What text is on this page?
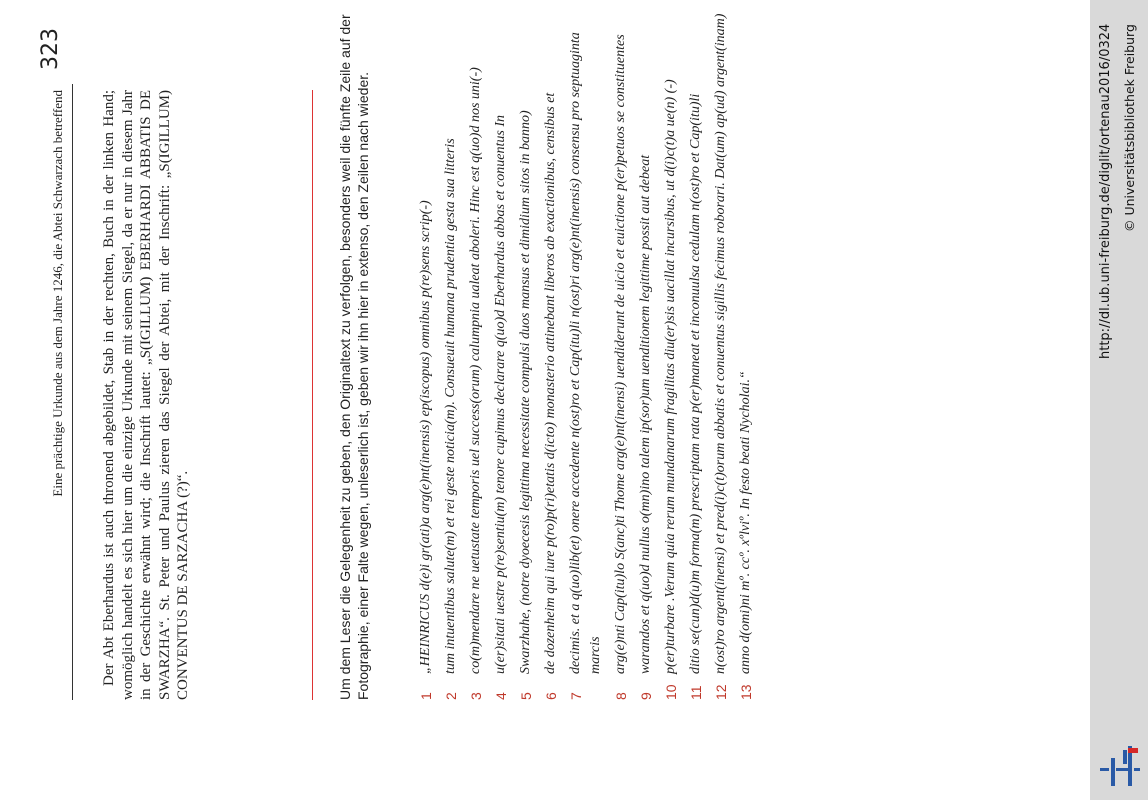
Eine prächtige Urkunde aus dem Jahre 1246, die Abtei Schwarzach betreffend
323
Der Abt Eberhardus ist auch thronend abgebildet, Stab in der rechten, Buch in der linken Hand; womöglich handelt es sich hier um die einzige Urkunde mit seinem Siegel, da er nur in diesem Jahr in der Geschichte erwähnt wird; die Inschrift lautet: „S(IGILLUM) EBERHARDI ABBATIS DE SWARZHA“. St. Peter und Paulus zieren das Siegel der Abtei, mit der Inschrift: „S(IGILLUM) CONVENTUS DE SARZACHA (?)“.	Um dem Leser die Gelegenheit zu geben, den Originaltext zu verfolgen, besonders weil die fünfte Zeile auf der Fotographie, einer Falte wegen, unleserlich ist, geben wir ihn hier in extenso, den Zeilen nach wieder.	1
„HEINRICUS d(e)i gr(ati)a arg(e)nt(inensis) ep(iscopus) omnibus p(re)sens scrip(-)
2
tum intuentibus salute(m) et rei geste noticia(m). Consueuit humana prudentia gesta sua litteris
3
co(m)mendare ne uetustate temporis uel success(orum) calumpnia ualeat aboleri. Hinc est q(uo)d nos uni(-)
4
u(er)sitati uestre p(re)sentiu(m) tenore cupimus declarare q(uo)d Eberhardus abbas et conuentus In
5
Swarzhahe, (notre dyoecesis legittima necessitate compulsi duos mansus et dimidium sitos in banno)
6
de dozenheim qui iure p(ro)p(ri)etatis d(icto) monasterio attinebant liberos ab exactionibus, censibus et
7
decimis. et a q(uo)lib(et) onere accedente n(ost)ro et Cap(itu)li n(ost)ri arg(e)nt(inensis) consensu pro septuaginta marcis
8
arg(e)nti Cap(itu)lo S(anc)ti Thome arg(e)nt(inensi) uendiderunt de uicio et euictione p(er)petuos se constituentes
9
warandos et q(uo)d nullus o(mn)ino talem ip(sor)um uenditionem legittime possit aut debeat
10
p(er)turbare .Verum quia rerum mundanarum fragilitas diu(er)sis uacillat incursibus, ut d(i)c(t)a ue(n) (-)
11
ditio se(cun)d(u)m forma(m) prescriptam rata p(er)maneat et inconuulsa cedulam n(ost)ro et Cap(itu)li
12
n(ost)ro argent(inensi) et pred(i)c(t)orum abbatis et conuentus sigillis fecimus roborari. Dat(um) ap(ud) argent(inam)
13
anno d(omi)ni mº. ccº. xºlviº. In festo beati Nycholai.“
http://dl.ub.uni-freiburg.de/diglit/ortenau2016/0324 © Universitätsbibliothek Freiburg
